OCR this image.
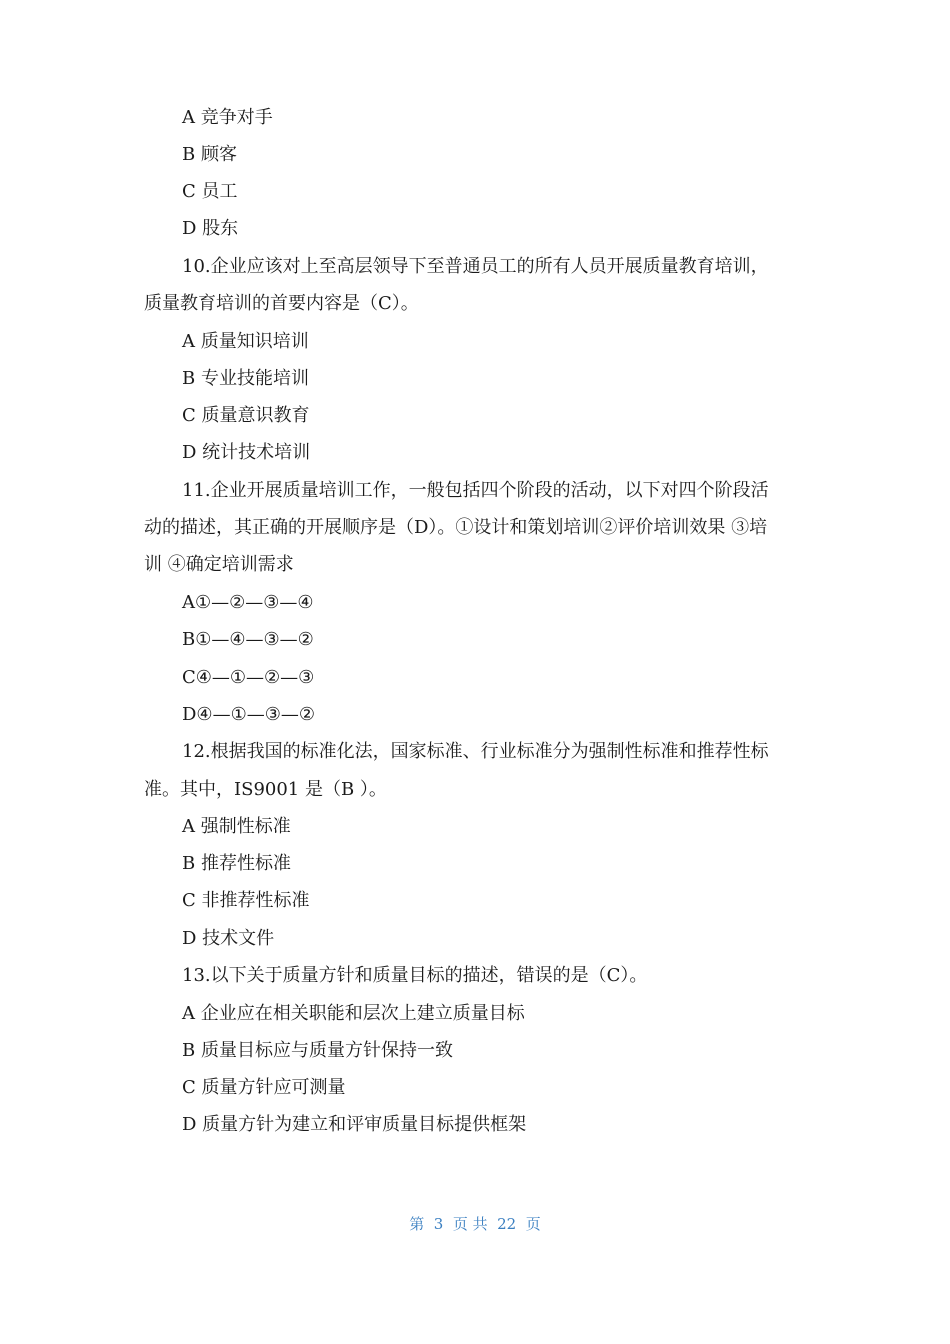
A 竞争对手
B 顾客
C 员工
D 股东
10.企业应该对上至高层领导下至普通员工的所有人员开展质量教育培训，
质量教育培训的首要内容是（C）。
A 质量知识培训
B 专业技能培训
C 质量意识教育
D 统计技术培训
11.企业开展质量培训工作，一般包括四个阶段的活动，以下对四个阶段活
动的描述，其正确的开展顺序是（D）。①设计和策划培训②评价培训效果 ③培
训 ④确定培训需求
A①—②—③—④
B①—④—③—②
C④—①—②—③
D④—①—③—②
12.根据我国的标准化法，国家标准、行业标准分为强制性标准和推荐性标
准。其中，IS9001 是（B ）。
A 强制性标准
B 推荐性标准
C 非推荐性标准
D 技术文件
13.以下关于质量方针和质量目标的描述，错误的是（C）。
A 企业应在相关职能和层次上建立质量目标
B 质量目标应与质量方针保持一致
C 质量方针应可测量
D 质量方针为建立和评审质量目标提供框架
第  3  页 共  22  页
